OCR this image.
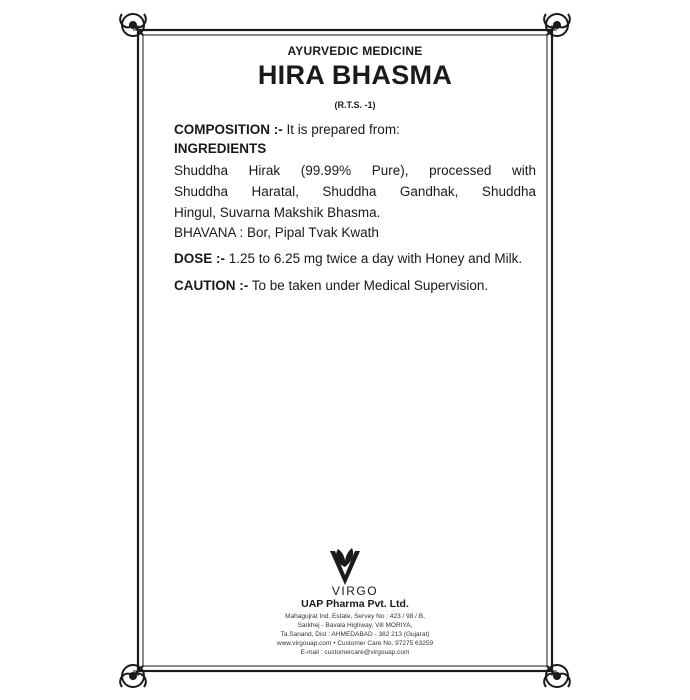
AYURVEDIC MEDICINE
HIRA BHASMA
(R.T.S. -1)
COMPOSITION :- It is prepared from:
INGREDIENTS
Shuddha Hirak (99.99% Pure), processed with
Shuddha Haratal, Shuddha Gandhak, Shuddha
Hingul, Suvarna Makshik Bhasma.
BHAVANA : Bor, Pipal Tvak Kwath
DOSE :- 1.25 to 6.25 mg twice a day with Honey and Milk.
CAUTION :- To be taken under Medical Supervision.
VIRGO
UAP Pharma Pvt. Ltd.
Mahagujrat Ind. Estate, Servey No : 423 / 98 / B,
Sarkhej - Bavala Highway, Vill MORIYA,
Ta.Sanand, Dist : AHMEDABAD - 382 213 (Gujarat)
www.virgouap.com • Customer Care No. 97275 63259
E-mail : customercare@virgouap.com
